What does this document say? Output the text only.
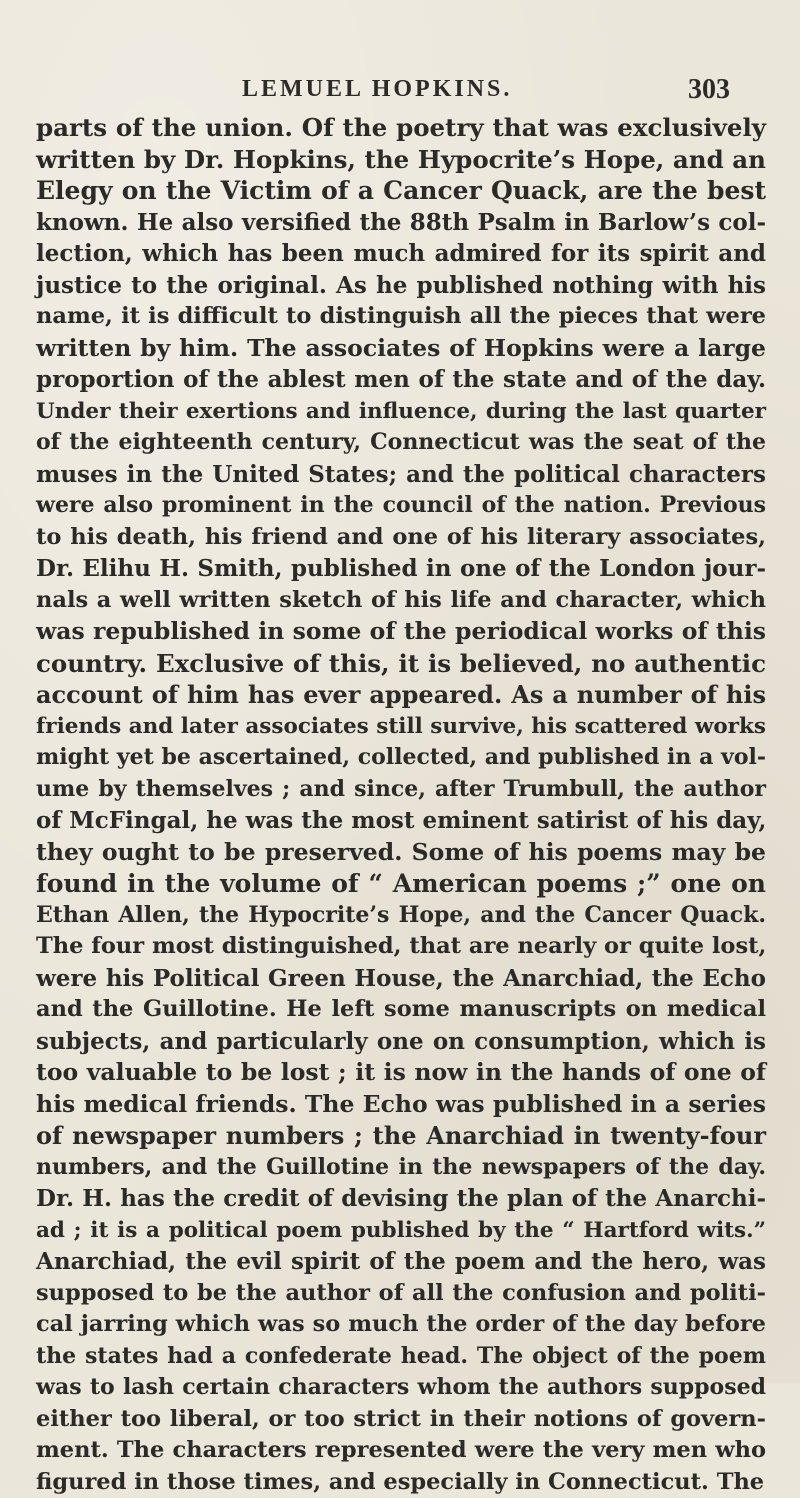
LEMUEL HOPKINS.	303
parts of the union. Of the poetry that was exclusively
written by Dr. Hopkins, the Hypocrite’s Hope, and an
Elegy on the Victim of a Cancer Quack, are the best
known. He also versified the 88th Psalm in Barlow’s col-
lection, which has been much admired for its spirit and
justice to the original. As he published nothing with his
name, it is difficult to distinguish all the pieces that were
written by him. The associates of Hopkins were a large
proportion of the ablest men of the state and of the day.
Under their exertions and influence, during the last quarter
of the eighteenth century, Connecticut was the seat of the
muses in the United States; and the political characters
were also prominent in the council of the nation. Previous
to his death, his friend and one of his literary associates,
Dr. Elihu H. Smith, published in one of the London jour-
nals a well written sketch of his life and character, which
was republished in some of the periodical works of this
country. Exclusive of this, it is believed, no authentic
account of him has ever appeared. As a number of his
friends and later associates still survive, his scattered works
might yet be ascertained, collected, and published in a vol-
ume by themselves ; and since, after Trumbull, the author
of McFingal, he was the most eminent satirist of his day,
they ought to be preserved. Some of his poems may be
found in the volume of “ American poems ;” one on
Ethan Allen, the Hypocrite’s Hope, and the Cancer Quack.
The four most distinguished, that are nearly or quite lost,
were his Political Green House, the Anarchiad, the Echo
and the Guillotine. He left some manuscripts on medical
subjects, and particularly one on consumption, which is
too valuable to be lost ; it is now in the hands of one of
his medical friends. The Echo was published in a series
of newspaper numbers ; the Anarchiad in twenty-four
numbers, and the Guillotine in the newspapers of the day.
Dr. H. has the credit of devising the plan of the Anarchi-
ad ; it is a political poem published by the “ Hartford wits.”
Anarchiad, the evil spirit of the poem and the hero, was
supposed to be the author of all the confusion and politi-
cal jarring which was so much the order of the day before
the states had a confederate head. The object of the poem
was to lash certain characters whom the authors supposed
either too liberal, or too strict in their notions of govern-
ment. The characters represented were the very men who
figured in those times, and especially in Connecticut. The
